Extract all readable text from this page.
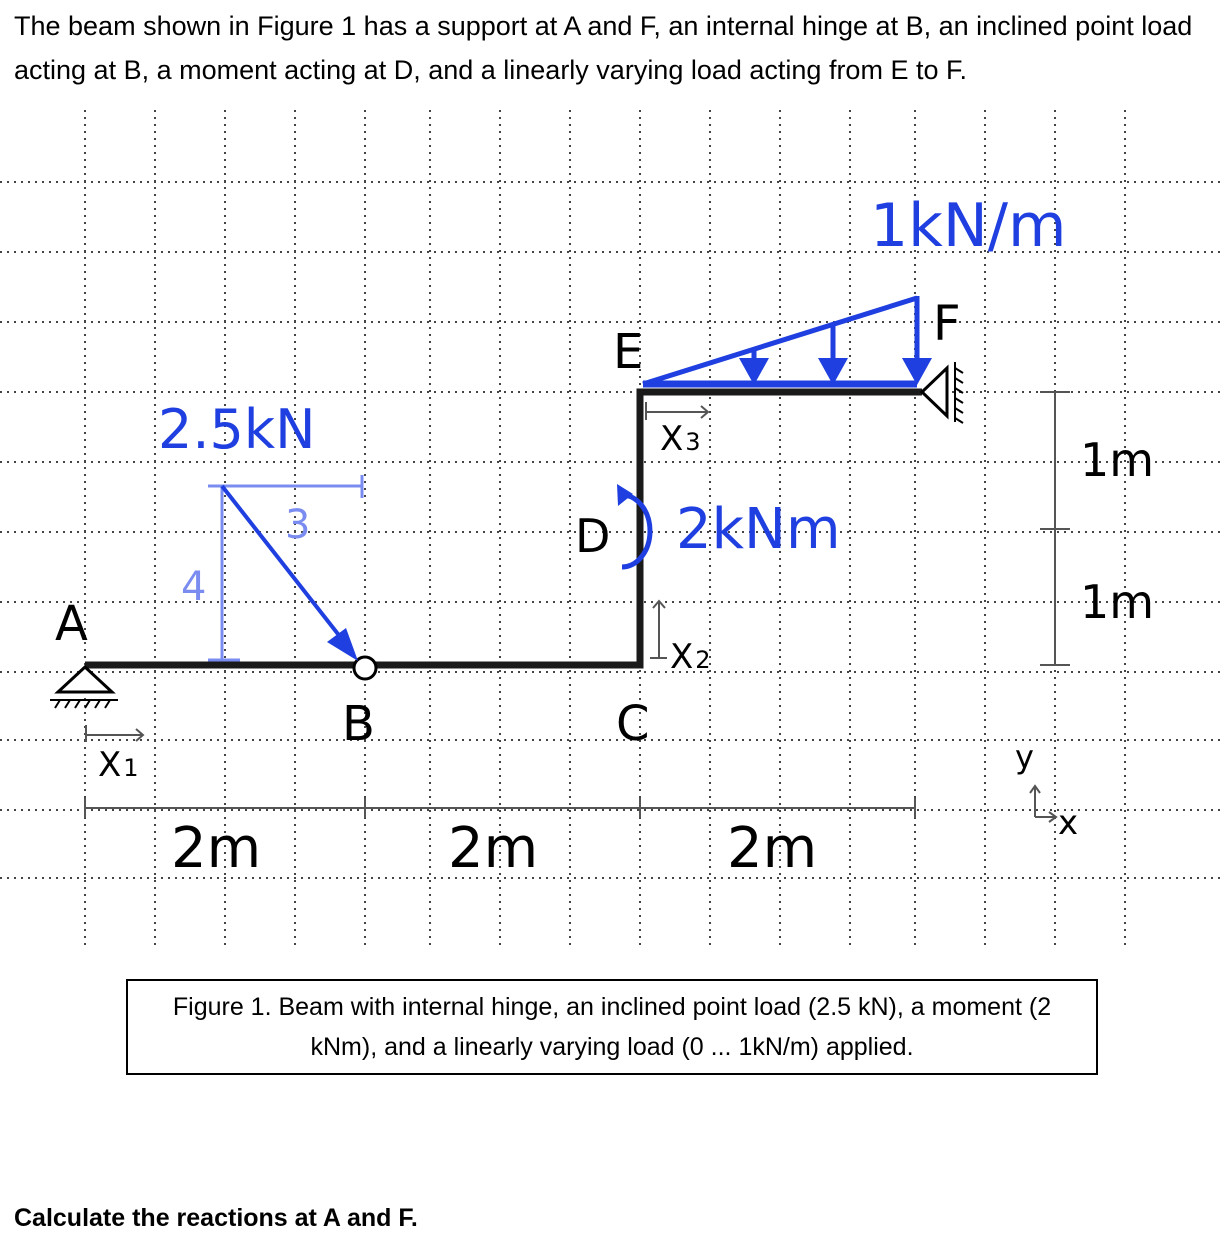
The beam shown in Figure 1 has a support at A and F, an internal hinge at B, an inclined point load acting at B, a moment acting at D, and a linearly varying load acting from E to F.

4
3
2.5kN
1kN/m
2kNm
A
B	C
D
E	F
X1
X2
X3
2m	2m	2m
1m
1m
y
x
Figure 1. Beam with internal hinge, an inclined point load (2.5 kN), a moment (2 kNm), and a linearly varying load (0 ... 1kN/m) applied.
Calculate the reactions at A and F.
